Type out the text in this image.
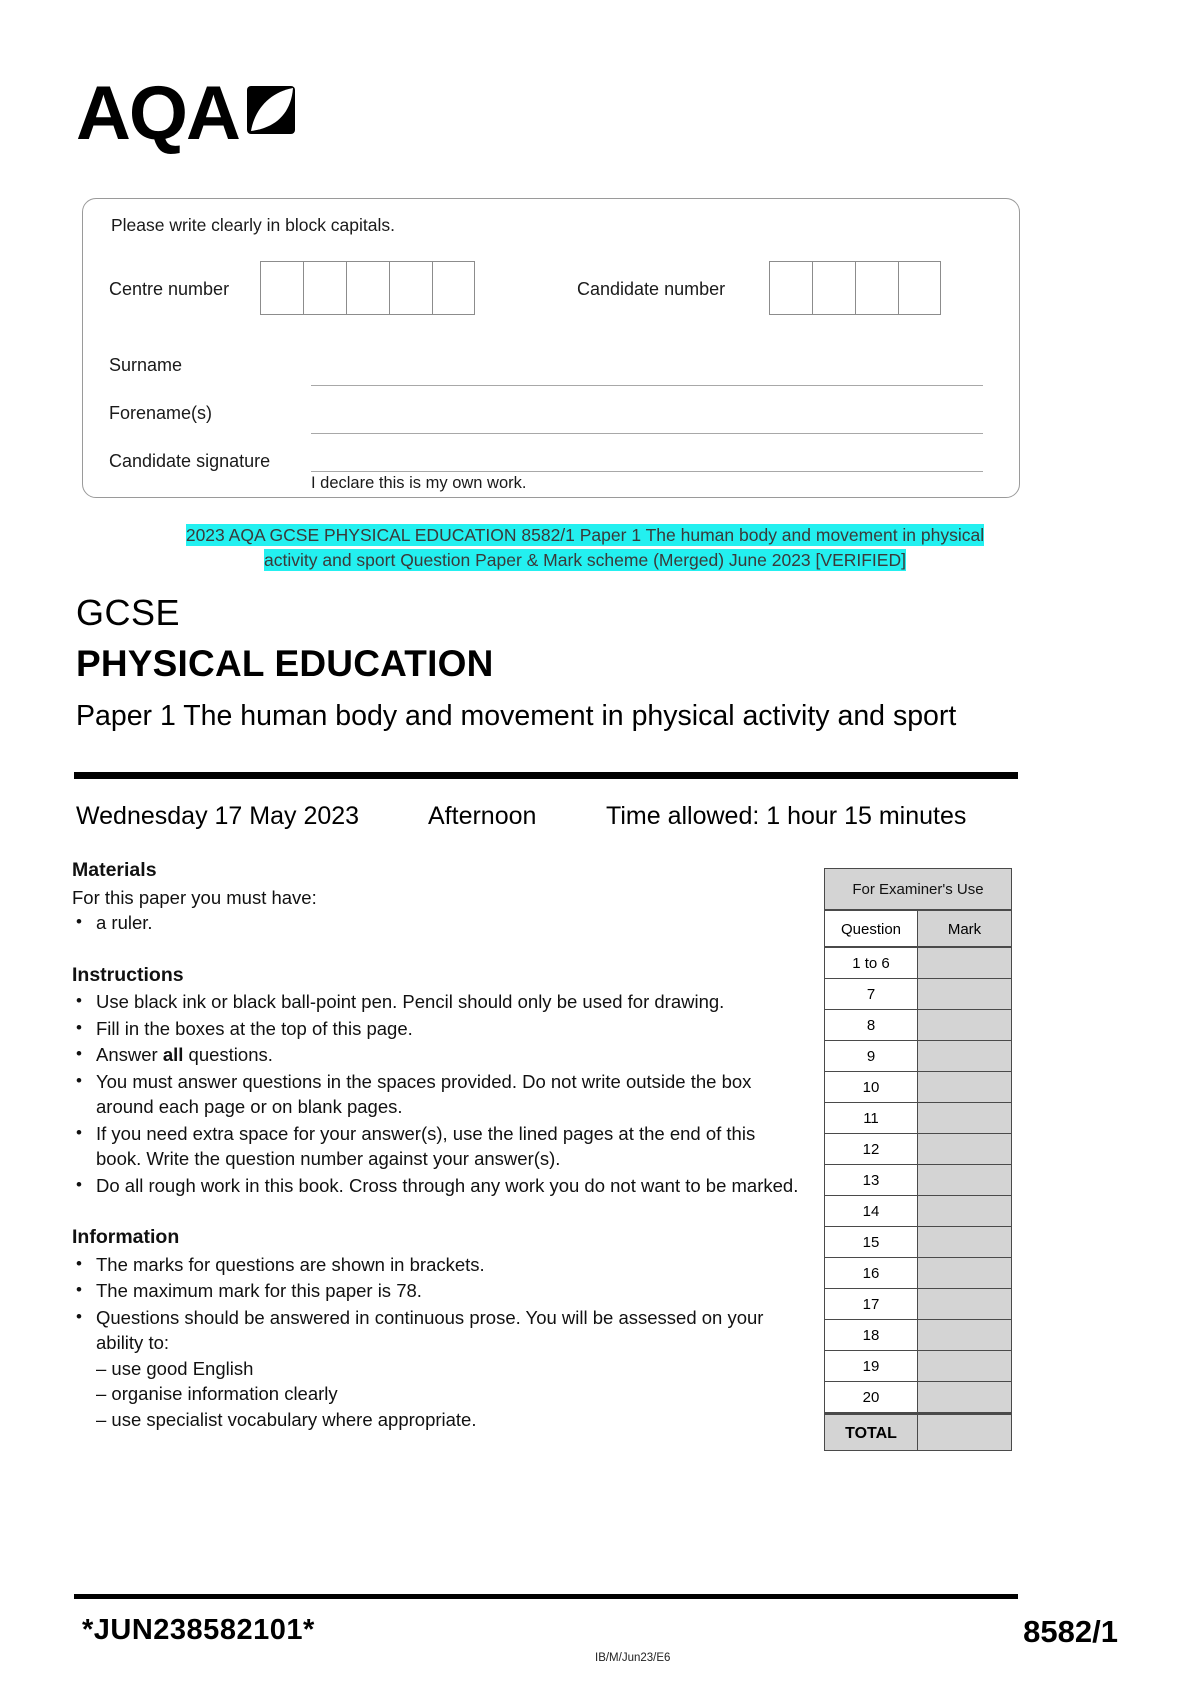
AQA
Please write clearly in block capitals.
Centre number	Candidate number
Surname
Forename(s)
Candidate signature
I declare this is my own work.
2023 AQA GCSE PHYSICAL EDUCATION 8582/1 Paper 1 The human body and movement in physical activity and sport Question Paper & Mark scheme (Merged) June 2023 [VERIFIED]
GCSE
PHYSICAL EDUCATION
Paper 1 The human body and movement in physical activity and sport
Wednesday 17 May 2023	Afternoon	Time allowed: 1 hour 15 minutes
Materials
For this paper you must have:
• a ruler.
Instructions
• Use black ink or black ball-point pen. Pencil should only be used for drawing.
• Fill in the boxes at the top of this page.
• Answer all questions.
• You must answer questions in the spaces provided. Do not write outside the box around each page or on blank pages.
• If you need extra space for your answer(s), use the lined pages at the end of this book. Write the question number against your answer(s).
• Do all rough work in this book. Cross through any work you do not want to be marked.
Information
• The marks for questions are shown in brackets.
• The maximum mark for this paper is 78.
• Questions should be answered in continuous prose. You will be assessed on your ability to:
– use good English
– organise information clearly
– use specialist vocabulary where appropriate.
For Examiner's Use
Question	Mark
1 to 6
7
8
9
10
11
12
13
14
15
16
17
18
19
20
TOTAL
*JUN238582101*
IB/M/Jun23/E6
8582/1
